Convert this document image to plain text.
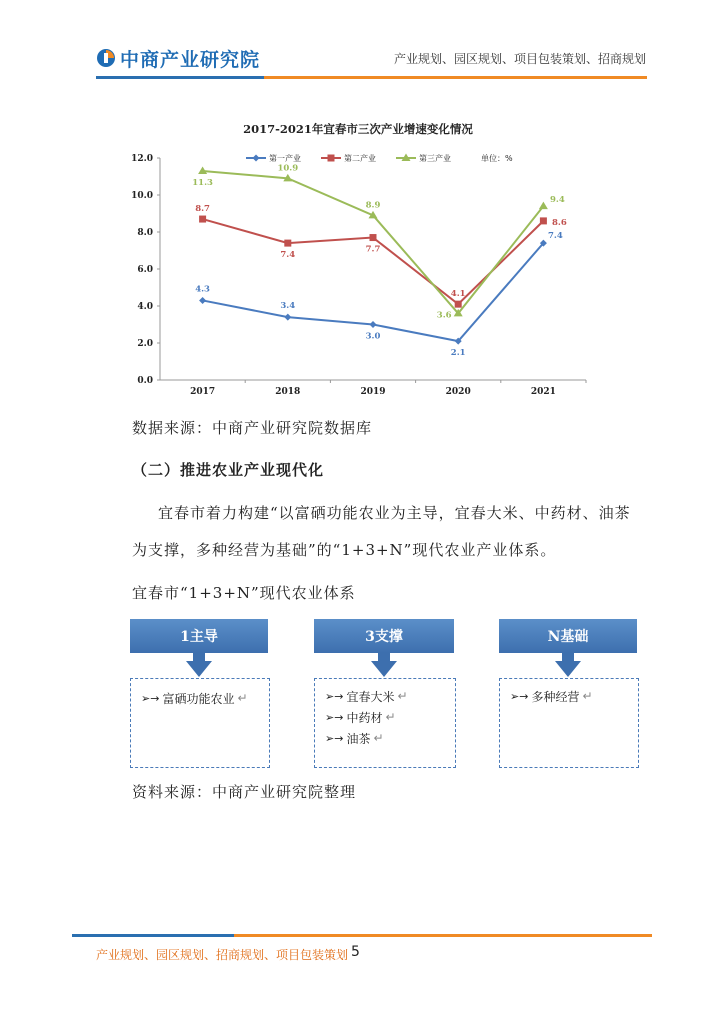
中商产业研究院	产业规划、园区规划、项目包装策划、招商规划
2017-2021年宜春市三次产业增速变化情况
0.0
2.0
4.0
6.0
8.0
10.0
12.0
2017	2018	2019	2020	2021
第一产业	第二产业	第三产业	单位：%
4.3
3.4
3.0
2.1
7.4
8.7
7.4
7.7
4.1
8.6
11.3
10.9
8.9
3.6
9.4
数据来源：中商产业研究院数据库
（二）推进农业产业现代化
宜春市着力构建“以富硒功能农业为主导，宜春大米、中药材、油茶
为支撑，多种经营为基础”的“1+3+N”现代农业产业体系。
宜春市“1+3+N”现代农业体系
1主导
➢→ 富硒功能农业 ↵
3支撑
➢→ 宜春大米 ↵
➢→ 中药材 ↵
➢→ 油茶 ↵
N基础
➢→ 多种经营 ↵
资料来源：中商产业研究院整理
产业规划、园区规划、招商规划、项目包装策划 5
